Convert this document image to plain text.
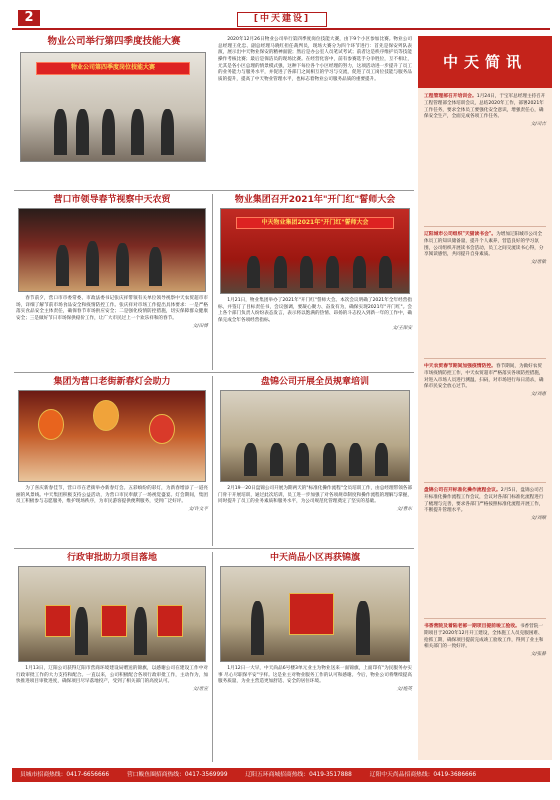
2	[中天建设]
物业公司举行第四季度技能大赛
物业公司第四季度岗位技能大赛
2020年12月26日物业公司举行第四季度岗位技能大赛，由下9个小区参加比赛。物业公司总经理王化忠、副总经理马晓红担任裁判员，现场大赛分为四个环节进行：首先是保安列队表演，展示出中天物业保安的精神面貌；然后是办公室人员笔试考试；前者这是秩序维护员等技能操作考核比赛；最后是保洁员的现场比赛。在经营化客中，前有参赛选手分争胜位，互不相让，尤其是各小区总理的情景模式强，这种下每位各个小区经理的努力，这项活动进一步提升了员工的业务能力与服务水平，并促进了各部门之间相互的学习与交流，促进了员工岗位技能与服务品质的提升，提高了中天物业管理水平，也标志着物业公司服务品质的重要提升。
营口市领导春节视察中天农贸
春节前夕，营口市市委常委、市政法委书记张庆祥带领有关单位领导视察中天农贸超市市场，详细了解节前市场食品安全和疫情防控工作。张庆祥对市场工作提出具体要求：一是严格落实食品安全主体责任，确保春节市场供应安全；二是强化疫情防控措施，切实保障群众健康安全；三是做好节日市场保供稳价工作，让广大市民过上一个欢乐祥和的春节。
文/田博
物业集团召开2021年"开门红"誓师大会
中天物业集团2021年"开门红"誓师大会
1月21日，物业集团举办了2021年"开门红"誓师大会。本次会议明确了2021年全年经营指标，并签订了目标责任书，会议强调，要凝心聚力、奋发有为，确保实现2021年"开门红"。会上各个部门负责人纷纷表态发言，表示将以饱满的热情、昂扬的斗志投入到新一年的工作中，确保完成全年各项经营指标。
文/王保安
集团为营口老街新春灯会助力
为了喜庆新春佳节，营口市在老街举办新春灯会。五彩缤纷的彩灯，为新春增添了一道亮丽的风景线。中天集团积极支持公益活动，为营口市民奉献了一场视觉盛宴。灯会期间，集团员工积极参与志愿服务，维护现场秩序，为市民游客提供便利服务，受到广泛好评。
文/许文平
盘锦公司开展全员规章培训
2月19一20日盘锦公司开展为期两天的"标准化操作流程"全员培训工作，由总经理带领各部门骨干开展培训，通过此次培训，员工进一步加强了对各项规章制度和操作流程的理解与掌握，同时提升了员工的业务素质和服务水平，为公司规范化管理奠定了坚实的基础。
文/曹东
行政审批助力项目落地
1月13日，辽阳公司获得辽阳市营商环境建设局赠送的锦旗，以感谢公司在建设工作中对行政审批工作的大力支持和配合。一直以来，公司积极配合各项行政审批工作，主动作为，加快推进项目审批进度，确保项目尽早落地投产，受到了相关部门的高度认可。
文/唐宣
中天尚品小区再获锦旗
1月12日一大早，中天尚品6号楼3单元业主为物业送来一面锦旗，上面印有"为民服务办实事 尽心尽职保平安"字样。这是业主对物业服务工作的认可和感谢。今后，物业公司将继续提高服务质量，为业主营造更加舒适、安全的居住环境。
文/施英
中天简讯
工程管理部召开培训会。1月24日，于宝军总经理主持召开工程管理部全体培训会议，总结2020年工作，部署2021年工作任务，要求全体员工要强化安全意识，增强责任心，确保安全生产，全面完成各项工作任务。
文/司吉
辽阳城市公司组织"天猫读书会"。为增加辽阳城市公司全体员工的知识储备量，提升个人素养，营造良好的学习氛围，公司组织开展读书会活动，员工之间交流读书心得，分享阅读感悟，共同提升自身素质。
文/唐敏
中天农贸春节期间加强疫情防控。春节期间，为做好农贸市场疫情防控工作，中天农贸超市严格落实各项防控措施，对进入市场人员进行测温、扫码，对市场进行每日消杀，确保市民安全放心过节。
文/刘惠
盘锦公司召开标准化操作流程会议。2月5日，盘锦公司召开标准化操作流程工作会议，会议对各部门标准化流程进行了梳理与完善，要求各部门严格按照标准化流程开展工作，不断提升管理水平。
文/刘顺
书香营院及着陆老部一期项目提前竣工验收。书香营院一期项目于2020年12月开工建设，全体施工人员克服困难、抢抓工期，确保项目提前完成竣工验收工作，得到了业主和相关部门的一致好评。
文/张静
员城市招商热线：0417-6656666	营口鲅鱼圈招商热线：0417-3569999	辽阳五环商城招商热线：0419-3517888	辽阳中天尚品招商热线：0419-3686666
